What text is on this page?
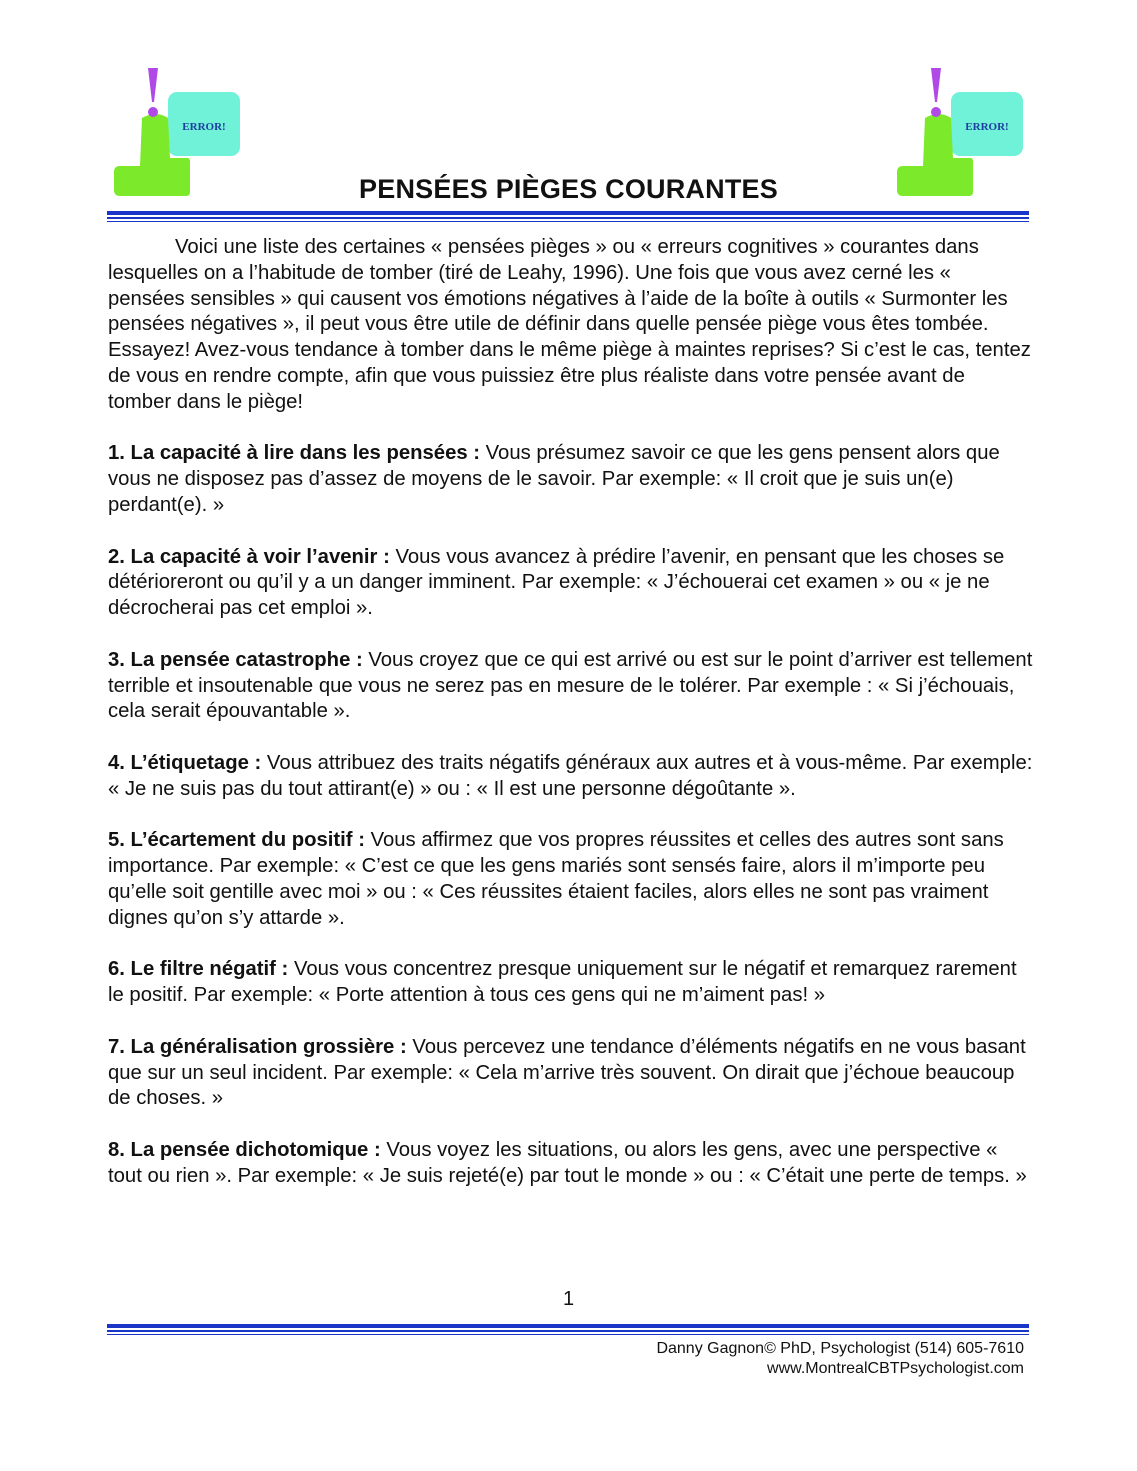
ERROR!	ERROR!
PENSÉES PIÈGES COURANTES

Voici une liste des certaines « pensées pièges » ou « erreurs cognitives » courantes dans lesquelles on a l’habitude de tomber (tiré de Leahy, 1996). Une fois que vous avez cerné les « pensées sensibles » qui causent vos émotions négatives à l’aide de la boîte à outils « Surmonter les pensées négatives », il peut vous être utile de définir dans quelle pensée piège vous êtes tombée. Essayez! Avez-vous tendance à tomber dans le même piège à maintes reprises? Si c’est le cas, tentez de vous en rendre compte, afin que vous puissiez être plus réaliste dans votre pensée avant de tomber dans le piège!

1. La capacité à lire dans les pensées : Vous présumez savoir ce que les gens pensent alors que vous ne disposez pas d’assez de moyens de le savoir. Par exemple: « Il croit que je suis un(e) perdant(e). »

2. La capacité à voir l’avenir : Vous vous avancez à prédire l’avenir, en pensant que les choses se détérioreront ou qu’il y a un danger imminent. Par exemple: « J’échouerai cet examen » ou « je ne décrocherai pas cet emploi ».

3. La pensée catastrophe : Vous croyez que ce qui est arrivé ou est sur le point d’arriver est tellement terrible et insoutenable que vous ne serez pas en mesure de le tolérer. Par exemple : « Si j’échouais, cela serait épouvantable ».

4. L’étiquetage : Vous attribuez des traits négatifs généraux aux autres et à vous-même. Par exemple: « Je ne suis pas du tout attirant(e) » ou : « Il est une personne dégoûtante ».

5. L’écartement du positif : Vous affirmez que vos propres réussites et celles des autres sont sans importance. Par exemple: « C’est ce que les gens mariés sont sensés faire, alors il m’importe peu qu’elle soit gentille avec moi » ou : « Ces réussites étaient faciles, alors elles ne sont pas vraiment dignes qu’on s’y attarde ».

6. Le filtre négatif : Vous vous concentrez presque uniquement sur le négatif et remarquez rarement le positif. Par exemple: « Porte attention à tous ces gens qui ne m’aiment pas! »

7. La généralisation grossière : Vous percevez une tendance d’éléments négatifs en ne vous basant que sur un seul incident. Par exemple: « Cela m’arrive très souvent. On dirait que j’échoue beaucoup de choses. »

8. La pensée dichotomique : Vous voyez les situations, ou alors les gens, avec une perspective « tout ou rien ». Par exemple: « Je suis rejeté(e) par tout le monde » ou : « C’était une perte de temps. »

1
Danny Gagnon© PhD, Psychologist (514) 605-7610
www.MontrealCBTPsychologist.com
